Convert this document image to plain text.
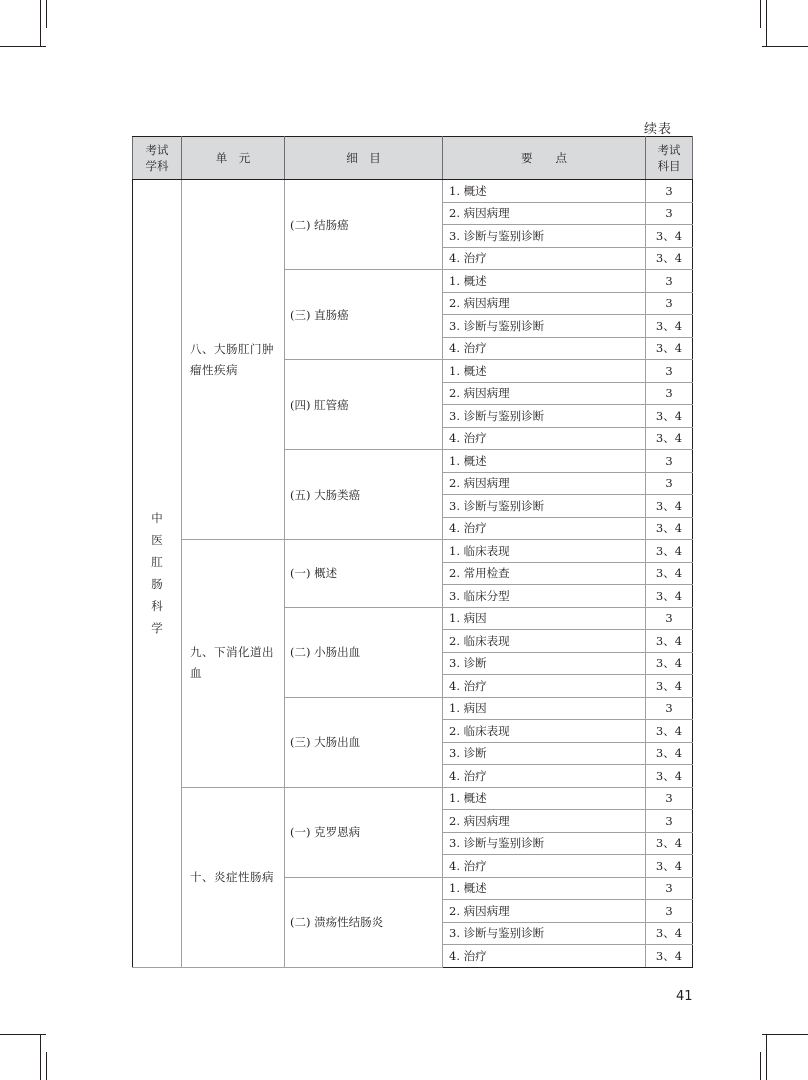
续表
考试学科	单　元	细　目	要　　点	考试科目
中医肛肠科学	八、大肠肛门肿瘤性疾病	(二) 结肠癌	1. 概述	3
			2. 病因病理	3
			3. 诊断与鉴别诊断	3、4
			4. 治疗	3、4
		(三) 直肠癌	1. 概述	3
			2. 病因病理	3
			3. 诊断与鉴别诊断	3、4
			4. 治疗	3、4
		(四) 肛管癌	1. 概述	3
			2. 病因病理	3
			3. 诊断与鉴别诊断	3、4
			4. 治疗	3、4
		(五) 大肠类癌	1. 概述	3
			2. 病因病理	3
			3. 诊断与鉴别诊断	3、4
			4. 治疗	3、4
	九、下消化道出血	(一) 概述	1. 临床表现	3、4
			2. 常用检查	3、4
			3. 临床分型	3、4
		(二) 小肠出血	1. 病因	3
			2. 临床表现	3、4
			3. 诊断	3、4
			4. 治疗	3、4
		(三) 大肠出血	1. 病因	3
			2. 临床表现	3、4
			3. 诊断	3、4
			4. 治疗	3、4
	十、炎症性肠病	(一) 克罗恩病	1. 概述	3
			2. 病因病理	3
			3. 诊断与鉴别诊断	3、4
			4. 治疗	3、4
		(二) 溃疡性结肠炎	1. 概述	3
			2. 病因病理	3
			3. 诊断与鉴别诊断	3、4
			4. 治疗	3、4
41
